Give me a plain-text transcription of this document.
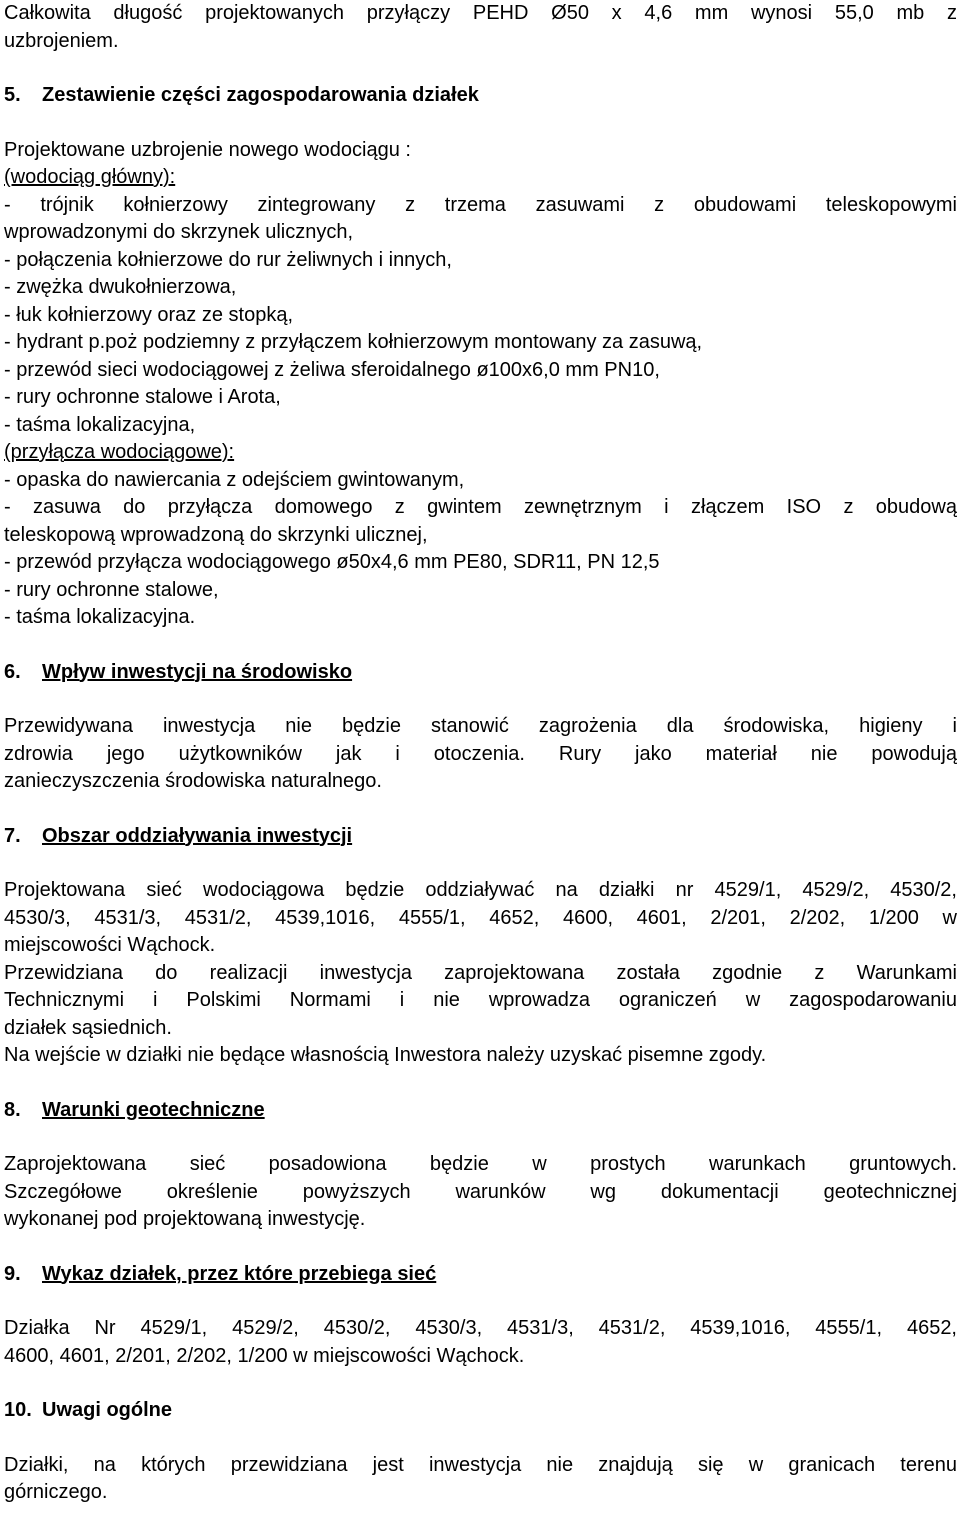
Całkowita długość projektowanych przyłączy PEHD Ø50 x 4,6 mm wynosi 55,0 mb z
uzbrojeniem.
5. Zestawienie części zagospodarowania działek
Projektowane uzbrojenie nowego wodociągu :
(wodociąg główny):
- trójnik kołnierzowy zintegrowany z trzema zasuwami z obudowami teleskopowymi
wprowadzonymi do skrzynek ulicznych,
- połączenia kołnierzowe do rur żeliwnych i innych,
- zwężka dwukołnierzowa,
- łuk kołnierzowy oraz ze stopką,
- hydrant p.poż podziemny z przyłączem kołnierzowym montowany za zasuwą,
- przewód sieci wodociągowej z żeliwa sferoidalnego ø100x6,0 mm PN10,
- rury ochronne stalowe i Arota,
- taśma lokalizacyjna,
(przyłącza wodociągowe):
- opaska do nawiercania z odejściem gwintowanym,
- zasuwa do przyłącza domowego z gwintem zewnętrznym i złączem ISO z obudową
teleskopową wprowadzoną do skrzynki ulicznej,
- przewód przyłącza wodociągowego ø50x4,6 mm PE80, SDR11, PN 12,5
- rury ochronne stalowe,
- taśma lokalizacyjna.
6. Wpływ inwestycji na środowisko
Przewidywana inwestycja nie będzie stanowić zagrożenia dla środowiska, higieny i
zdrowia jego użytkowników jak i otoczenia. Rury jako materiał nie powodują
zanieczyszczenia środowiska naturalnego.
7. Obszar oddziaływania inwestycji
Projektowana sieć wodociągowa będzie oddziaływać na działki nr 4529/1, 4529/2, 4530/2,
4530/3, 4531/3, 4531/2, 4539,1016, 4555/1, 4652, 4600, 4601, 2/201, 2/202, 1/200 w
miejscowości Wąchock.
Przewidziana do realizacji inwestycja zaprojektowana została zgodnie z Warunkami
Technicznymi i Polskimi Normami i nie wprowadza ograniczeń w zagospodarowaniu
działek sąsiednich.
Na wejście w działki nie będące własnością Inwestora należy uzyskać pisemne zgody.
8. Warunki geotechniczne
Zaprojektowana sieć posadowiona będzie w prostych warunkach gruntowych.
Szczegółowe określenie powyższych warunków wg dokumentacji geotechnicznej
wykonanej pod projektowaną inwestycję.
9. Wykaz działek, przez które przebiega sieć
Działka Nr 4529/1, 4529/2, 4530/2, 4530/3, 4531/3, 4531/2, 4539,1016, 4555/1, 4652,
4600, 4601, 2/201, 2/202, 1/200 w miejscowości Wąchock.
10. Uwagi ogólne
Działki, na których przewidziana jest inwestycja nie znajdują się w granicach terenu
górniczego.
